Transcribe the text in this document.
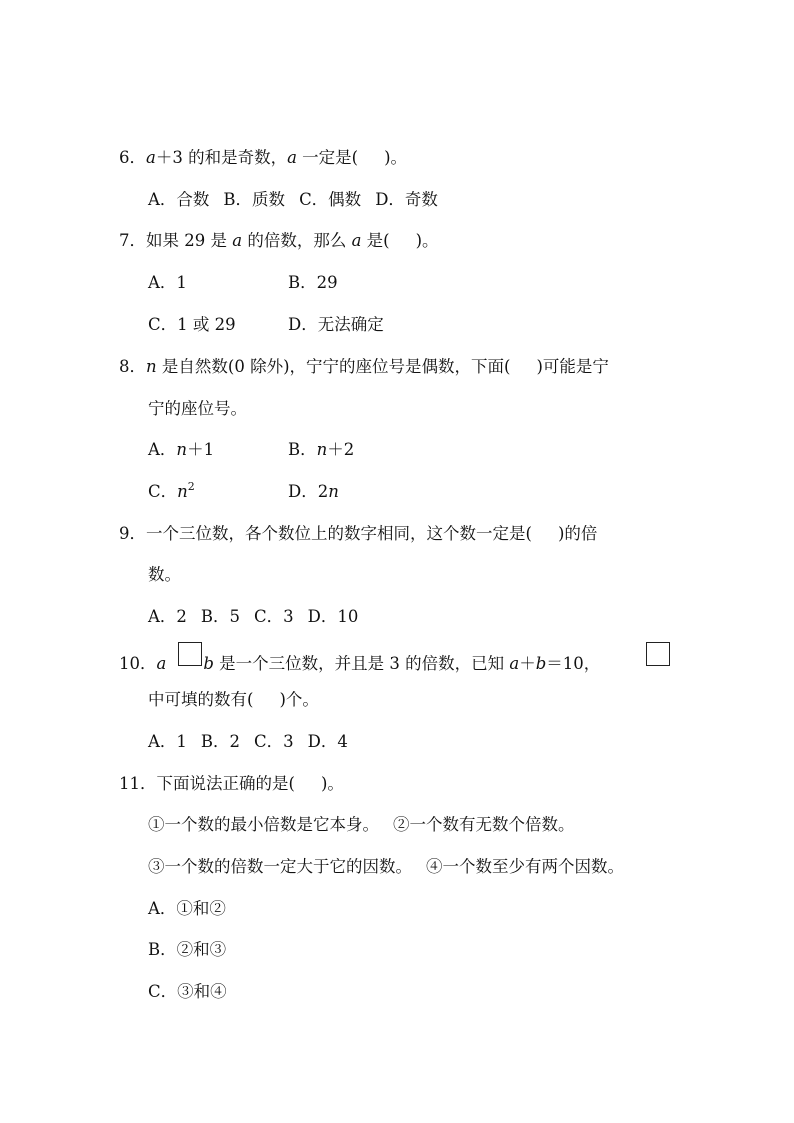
6．a＋3 的和是奇数，a 一定是( )。
A．合数 B．质数 C．偶数 D．奇数
7．如果 29 是 a 的倍数，那么 a 是( )。
A．1	B．29
C．1 或 29	D．无法确定
8．n 是自然数(0 除外)，宁宁的座位号是偶数，下面( )可能是宁
宁的座位号。
A．n＋1	B．n＋2
C．$n^2$	D．2n
9．一个三位数，各个数位上的数字相同，这个数一定是( )的倍
数。
A．2 B．5 C．3 D．10
10．a b 是一个三位数，并且是 3 的倍数，已知 a＋b＝10，
中可填的数有( )个。
A．1 B．2 C．3 D．4
11．下面说法正确的是( )。
①一个数的最小倍数是它本身。 ②一个数有无数个倍数。
③一个数的倍数一定大于它的因数。 ④一个数至少有两个因数。
A．①和②
B．②和③
C．③和④
